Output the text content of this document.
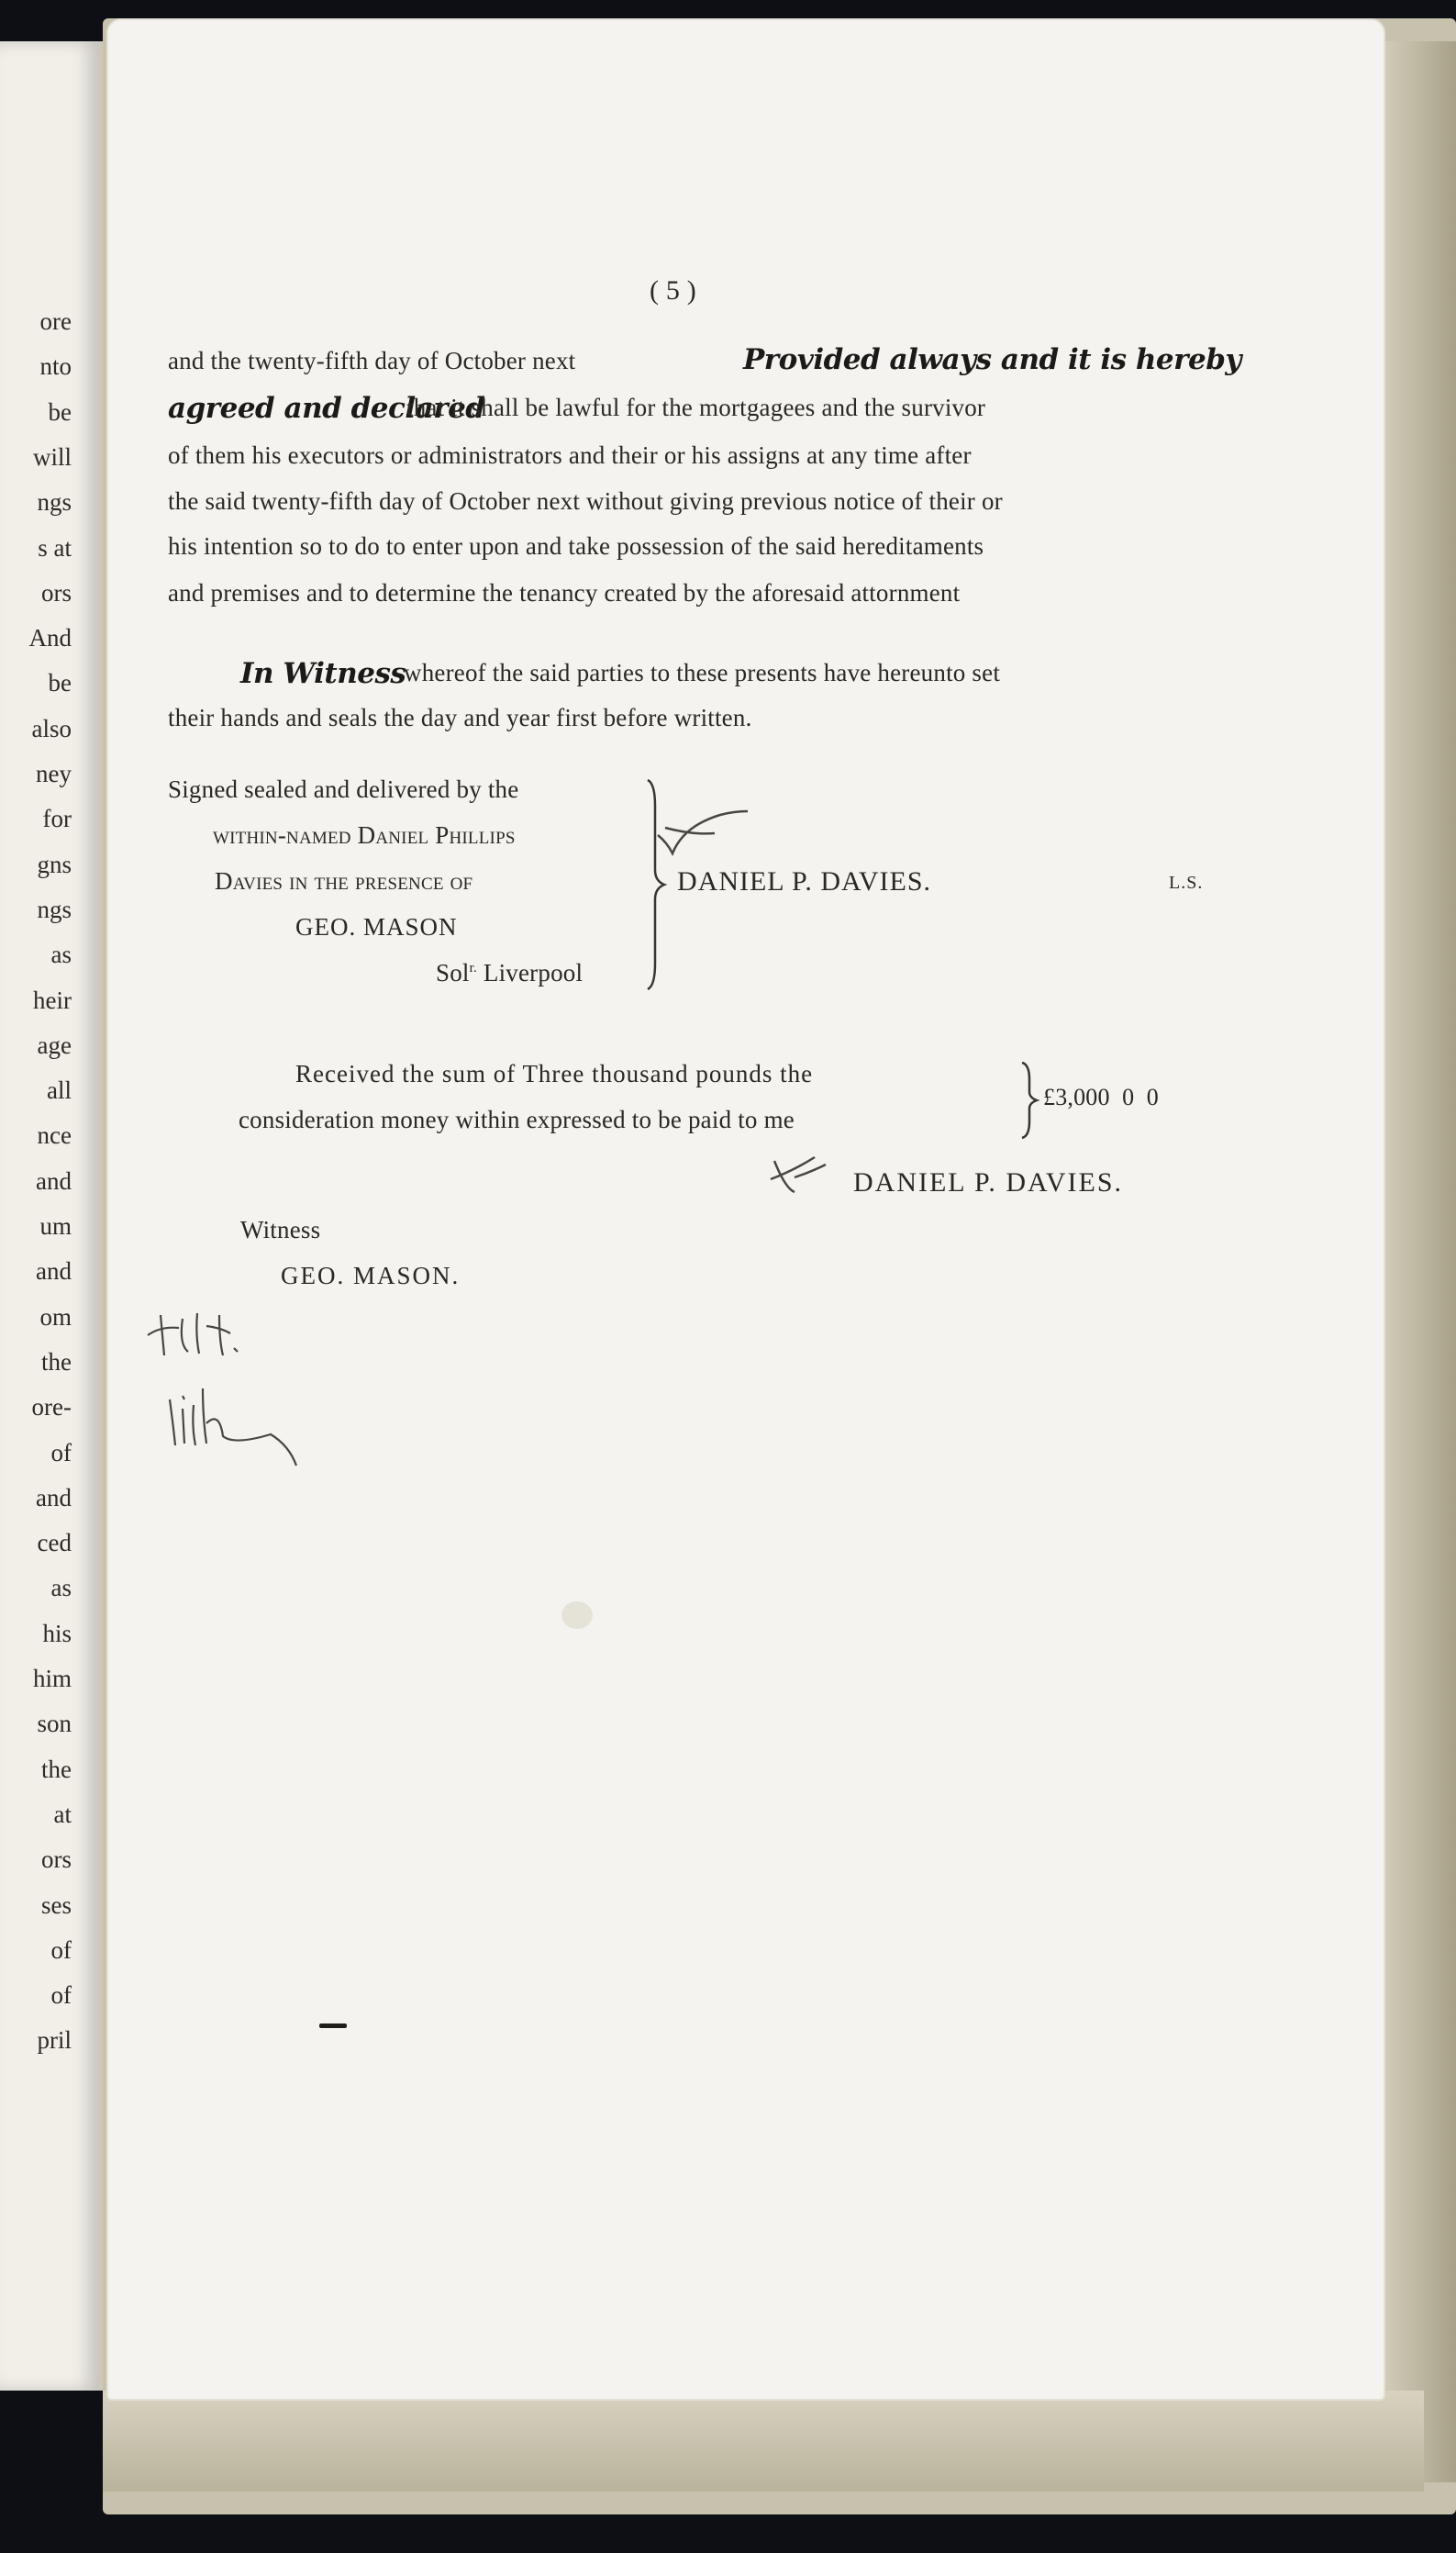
ore
nto
be
will
ngs
s at
ors
And
be
also
ney
for
gns
ngs
as
heir
age
all
nce
and
um
and
om
the
ore-
of
and
ced
as
his
him
son
the
at
ors
ses
of
of
pril
( 5 )
and the twenty-fifth day of October next	Provided always and it is hereby
agreed and declared
that it shall be lawful for the mortgagees and the survivor
of them his executors or administrators and their or his assigns at any time after
the said twenty-fifth day of October next without giving previous notice of their or
his intention so to do to enter upon and take possession of the said hereditaments
and premises and to determine the tenancy created by the aforesaid attornment
In Witness
whereof the said parties to these presents have hereunto set
their hands and seals the day and year first before written.
Signed sealed and delivered by the
within-named Daniel Phillips
Davies in the presence of
GEO. MASON
Sol$^{r.}$ Liverpool
DANIEL P. DAVIES.	L.S.
Received the sum of Three thousand pounds the
consideration money within expressed to be paid to me
£3,000  0  0
DANIEL P. DAVIES.
Witness
GEO. MASON.
